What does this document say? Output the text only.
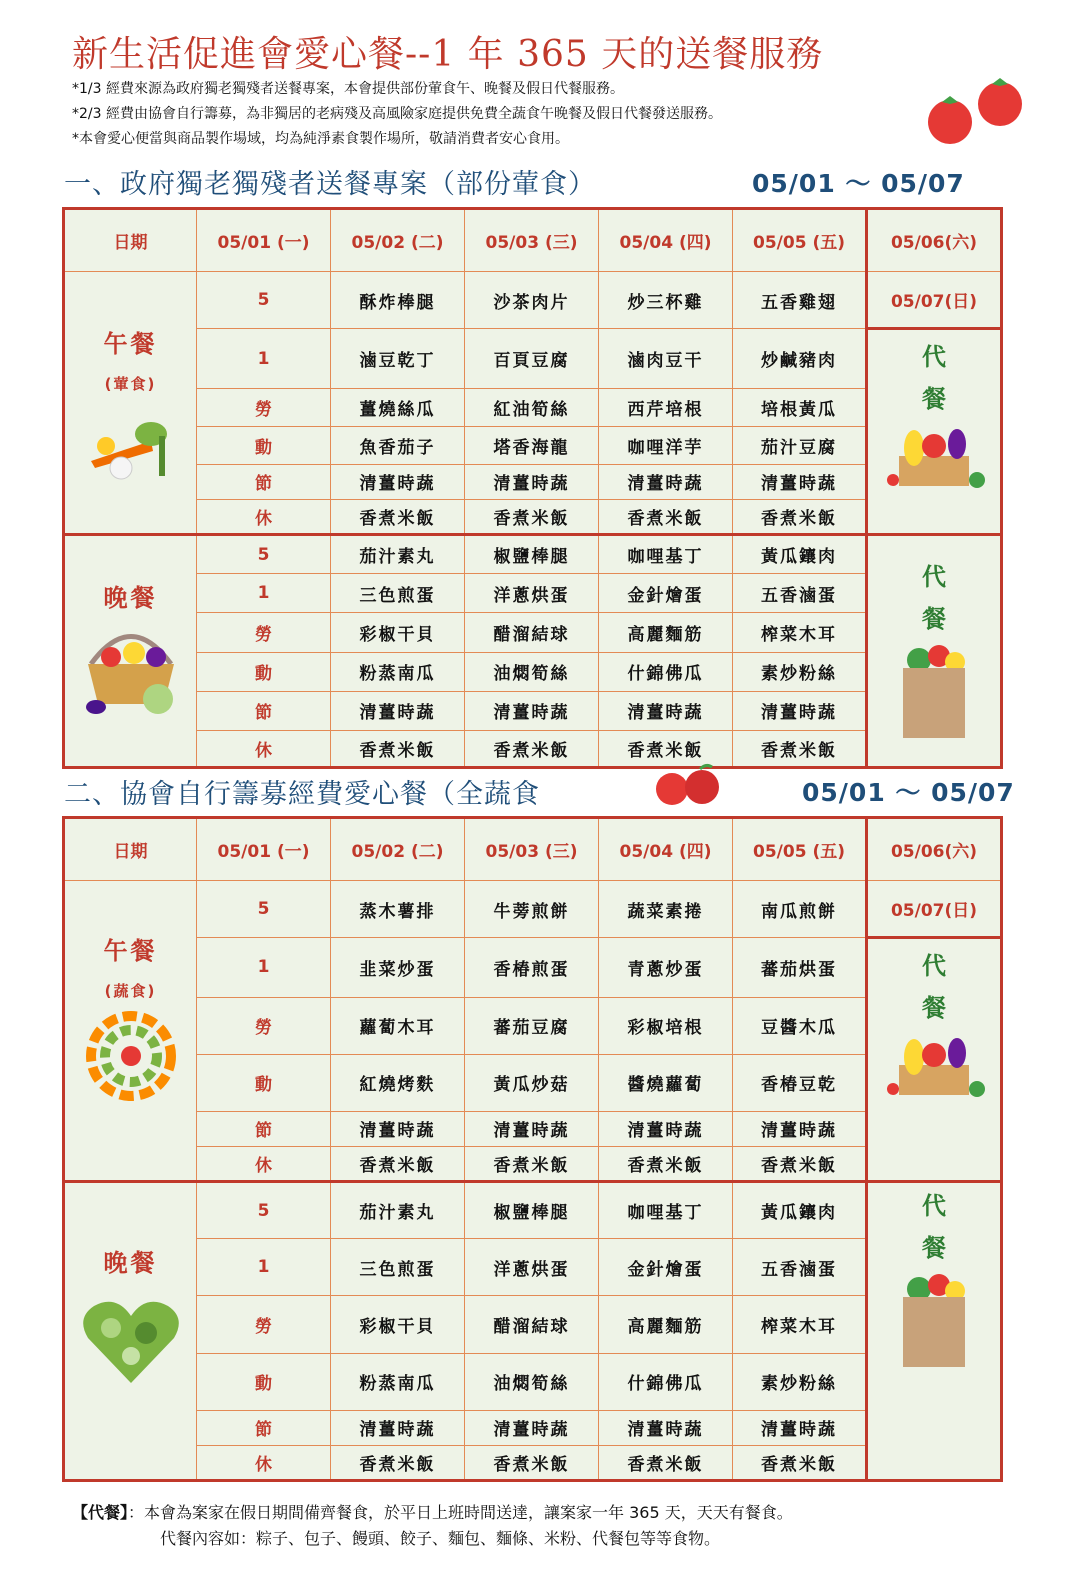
新生活促進會愛心餐--1 年 365 天的送餐服務
*1/3 經費來源為政府獨老獨殘者送餐專案，本會提供部份葷食午、晚餐及假日代餐服務。
*2/3 經費由協會自行籌募，為非獨居的老病殘及高風險家庭提供免費全蔬食午晚餐及假日代餐發送服務。
*本會愛心便當與商品製作場域，均為純淨素食製作場所，敬請消費者安心食用。
一、政府獨老獨殘者送餐專案（部份葷食）	05/01 ～ 05/07
日期	05/01 (一)	05/02 (二)	05/03 (三)	05/04 (四)	05/05 (五)	05/06(六)

午餐
(葷食)	5	酥炸棒腿	沙茶肉片	炒三杯雞	五香雞翅	05/07(日)
	1	滷豆乾丁	百頁豆腐	滷肉豆干	炒鹹豬肉	代餐

	勞	薑燒絲瓜	紅油筍絲	西芹培根	培根黃瓜	
	動	魚香茄子	塔香海龍	咖哩洋芋	茄汁豆腐	
	節	清薑時蔬	清薑時蔬	清薑時蔬	清薑時蔬	
	休	香煮米飯	香煮米飯	香煮米飯	香煮米飯	

晚餐	5	茄汁素丸	椒鹽棒腿	咖哩基丁	黃瓜鑲肉	代餐

	1	三色煎蛋	洋蔥烘蛋	金針燴蛋	五香滷蛋	
	勞	彩椒干貝	醋溜結球	高麗麵筋	榨菜木耳	
	動	粉蒸南瓜	油燜筍絲	什錦佛瓜	素炒粉絲	
	節	清薑時蔬	清薑時蔬	清薑時蔬	清薑時蔬	
	休	香煮米飯	香煮米飯	香煮米飯	香煮米飯	
二、協會自行籌募經費愛心餐（全蔬食	05/01 ～ 05/07
日期	05/01 (一)	05/02 (二)	05/03 (三)	05/04 (四)	05/05 (五)	05/06(六)

午餐
(蔬食)	5	蒸木薯排	牛蒡煎餅	蔬菜素捲	南瓜煎餅	05/07(日)
	1	韭菜炒蛋	香椿煎蛋	青蔥炒蛋	蕃茄烘蛋	代餐

	勞	蘿蔔木耳	蕃茄豆腐	彩椒培根	豆醬木瓜	
	動	紅燒烤麩	黃瓜炒菇	醬燒蘿蔔	香椿豆乾	
	節	清薑時蔬	清薑時蔬	清薑時蔬	清薑時蔬	
	休	香煮米飯	香煮米飯	香煮米飯	香煮米飯	

晚餐	5	茄汁素丸	椒鹽棒腿	咖哩基丁	黃瓜鑲肉	代餐

	1	三色煎蛋	洋蔥烘蛋	金針燴蛋	五香滷蛋	
	勞	彩椒干貝	醋溜結球	高麗麵筋	榨菜木耳	
	動	粉蒸南瓜	油燜筍絲	什錦佛瓜	素炒粉絲	
	節	清薑時蔬	清薑時蔬	清薑時蔬	清薑時蔬	
	休	香煮米飯	香煮米飯	香煮米飯	香煮米飯	
【代餐】：本會為案家在假日期間備齊餐食，於平日上班時間送達，讓案家一年 365 天，天天有餐食。
代餐內容如：粽子、包子、饅頭、餃子、麵包、麵條、米粉、代餐包等等食物。
